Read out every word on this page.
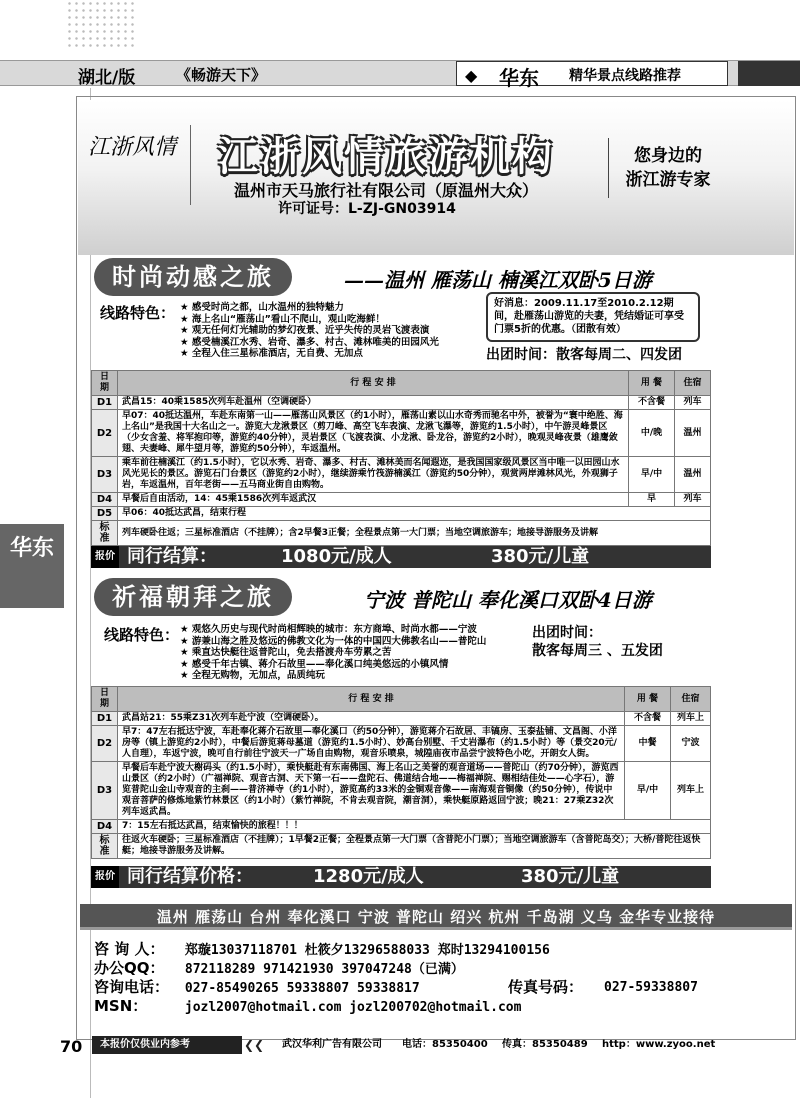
湖北/版	《畅游天下》	◆ 华东 精华景点线路推荐
江浙风情 江浙风情旅游机构
温州市天马旅行社有限公司（原温州大众）
许可证号：L-ZJ-GN03914
您身边的
浙江游专家
时尚动感之旅	——温州 雁荡山 楠溪江双卧5日游
线路特色：	★ 感受时尚之都，山水温州的独特魅力
★ 海上名山“雁荡山”看山不爬山，观山吃海鲜！
★ 观无任何灯光辅助的梦幻夜景、近乎失传的灵岩飞渡表演
★ 感受楠溪江水秀、岩奇、瀑多、村古、滩林唯美的田园风光
★ 全程入住三星标准酒店，无自费、无加点
好消息：2009.11.17至2010.2.12期间，赴雁荡山游览的夫妻，凭结婚证可享受门票5折的优惠。（团散有效）
出团时间：散客每周二、四发团
日期	行 程 安 排	用 餐	住宿
D1	武昌15：40乘1585次列车赴温州（空调硬卧）	不含餐	列车
D2	早07：40抵达温州，车赴东南第一山——雁荡山风景区（约1小时），雁荡山素以山水奇秀而驰名中外，被誉为“寰中绝胜、海上名山”是我国十大名山之一。游览大龙湫景区（剪刀峰、高空飞车表演、龙湫飞瀑等，游览约1.5小时），中午游灵峰景区（少女含羞、将军抱印等，游览约40分钟），灵岩景区（飞渡表演、小龙湫、卧龙谷，游览约2小时），晚观灵峰夜景（雄鹰敛翅、夫妻峰、犀牛望月等，游览约50分钟），车返温州。	中/晚	温州
D3	乘车前往楠溪江（约1.5小时），它以水秀、岩奇、瀑多、村古、滩林美而名闻遐迩，是我国国家级风景区当中唯一以田园山水风光见长的景区。游览石门台景区（游览约2小时），继续游乘竹筏游楠溪江（游览约50分钟），观赏两岸滩林风光，外观狮子岩，车返温州，百年老街——五马商业街自由购物。	早/中	温州
D4	早餐后自由活动，14：45乘1586次列车返武汉	早	列车
D5	早06：40抵达武昌，结束行程		
标准	列车硬卧往返；三星标准酒店（不挂牌）；含2早餐3正餐；全程景点第一大门票；当地空调旅游车；地接导游服务及讲解		
报价 同行结算：	1080元/成人	380元/儿童
华东
祈福朝拜之旅	宁波 普陀山 奉化溪口双卧4日游
线路特色：	★ 观悠久历史与现代时尚相辉映的城市：东方商埠、时尚水都——宁波
★ 游兼山海之胜及悠远的佛教文化为一体的中国四大佛教名山——普陀山
★ 乘直达快艇往返普陀山，免去搭渡舟车劳累之苦
★ 感受千年古镇、蒋介石故里——奉化溪口纯美悠远的小镇风情
★ 全程无购物，无加点，品质纯玩
出团时间：
散客每周三 、五发团
日期	行 程 安 排	用 餐	住宿
D1	武昌站21：55乘Z31次列车赴宁波（空调硬卧）。	不含餐	列车上
D2	早7：47左右抵达宁波，车赴奉化蒋介石故里—奉化溪口（约50分钟），游览蒋介石故居、丰镐房、玉泰盐铺、文昌阁、小洋房等（镇上游览约2小时），中餐后游览蒋母墓道（游览约1.5小时）、妙高台别墅、千丈岩瀑布（约1.5小时）等（景交20元/人自理），车返宁波，晚可自行前往宁波天一广场自由购物，观音乐喷泉，城隍庙夜市品尝宁波特色小吃，开朗女人街。	中餐	宁波
D3	早餐后车赴宁波大榭码头（约1.5小时），乘快艇赴有东南佛国、海上名山之美誉的观音道场——普陀山（约70分钟），游览西山景区（约2小时）（广福禅院、观音古洞、天下第一石——盘陀石、佛道结合地——梅福禅院、赐相结佳处——心字石），游览普陀山金山寺观音的主刹——普济禅寺（约1小时），游览高约33米的金铜观音像——南海观音铜像（约50分钟），传说中观音菩萨的修炼地紫竹林景区（约1小时）（紫竹禅院，不肯去观音院，潮音洞），乘快艇原路返回宁波；晚21：27乘Z32次列车返武昌。	早/中	列车上
D4	7：15左右抵达武昌，结束愉快的旅程！！！		
标准	往返火车硬卧；三星标准酒店（不挂牌）；1早餐2正餐；全程景点第一大门票（含普陀小门票）；当地空调旅游车（含普陀岛交）；大桥/普陀往返快艇；地接导游服务及讲解。		
报价 同行结算价格：	1280元/成人	380元/儿童
温州 雁荡山 台州 奉化溪口 宁波 普陀山 绍兴 杭州 千岛湖 义乌 金华专业接待
咨 询 人： 郑璇13037118701 杜筱夕13296588033 郑时13294100156
办公QQ： 872118289 971421930 397047248（已满）
咨询电话： 027-85490265 59338807 59338817	传真号码： 027-59338807
MSN：	jozl2007@hotmail.com jozl200702@hotmail.com
70	本报价仅供业内参考	❮❮ 武汉华利广告有限公司 电话：85350400 传真：85350489 http：www.zyoo.net
